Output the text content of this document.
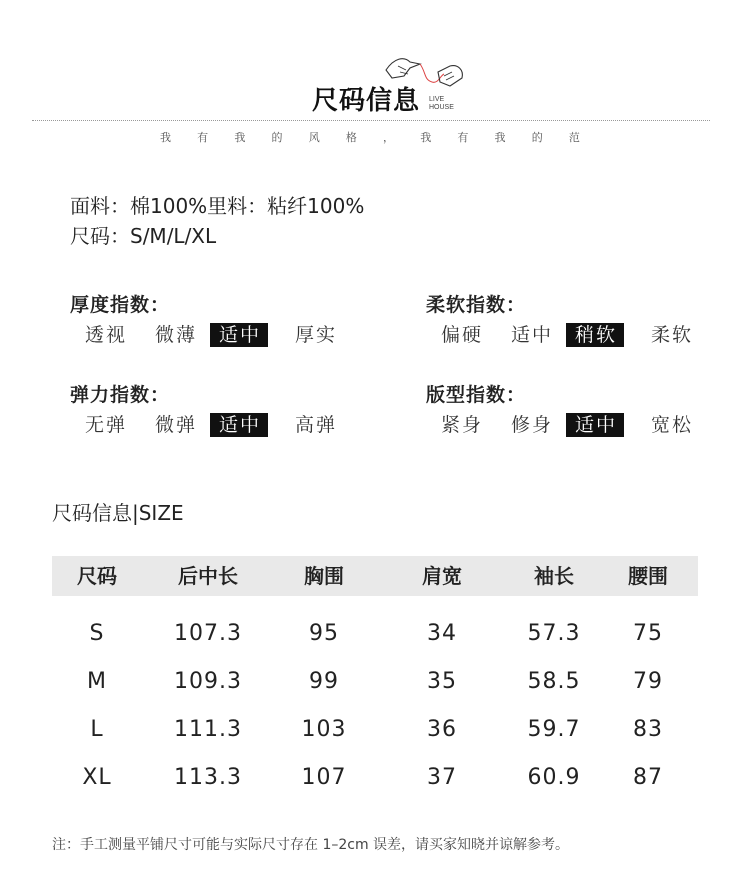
尺码信息 LIVE
HOUSE
我 有 我 的 风 格 ， 我 有 我 的 范
面料：棉100%里料：粘纤100%
尺码：S/M/L/XL
厚度指数：
透视	微薄	适中	厚实
柔软指数：
偏硬	适中	稍软	柔软
弹力指数：
无弹	微弹	适中	高弹
版型指数：
紧身	修身	适中	宽松
尺码信息|SIZE
尺码	后中长	胸围	肩宽	袖长	腰围
S	107.3	95	34	57.3	75
M	109.3	99	35	58.5	79
L	111.3	103	36	59.7	83
XL	113.3	107	37	60.9	87
注：手工测量平铺尺寸可能与实际尺寸存在 1–2cm 误差，请买家知晓并谅解参考。
